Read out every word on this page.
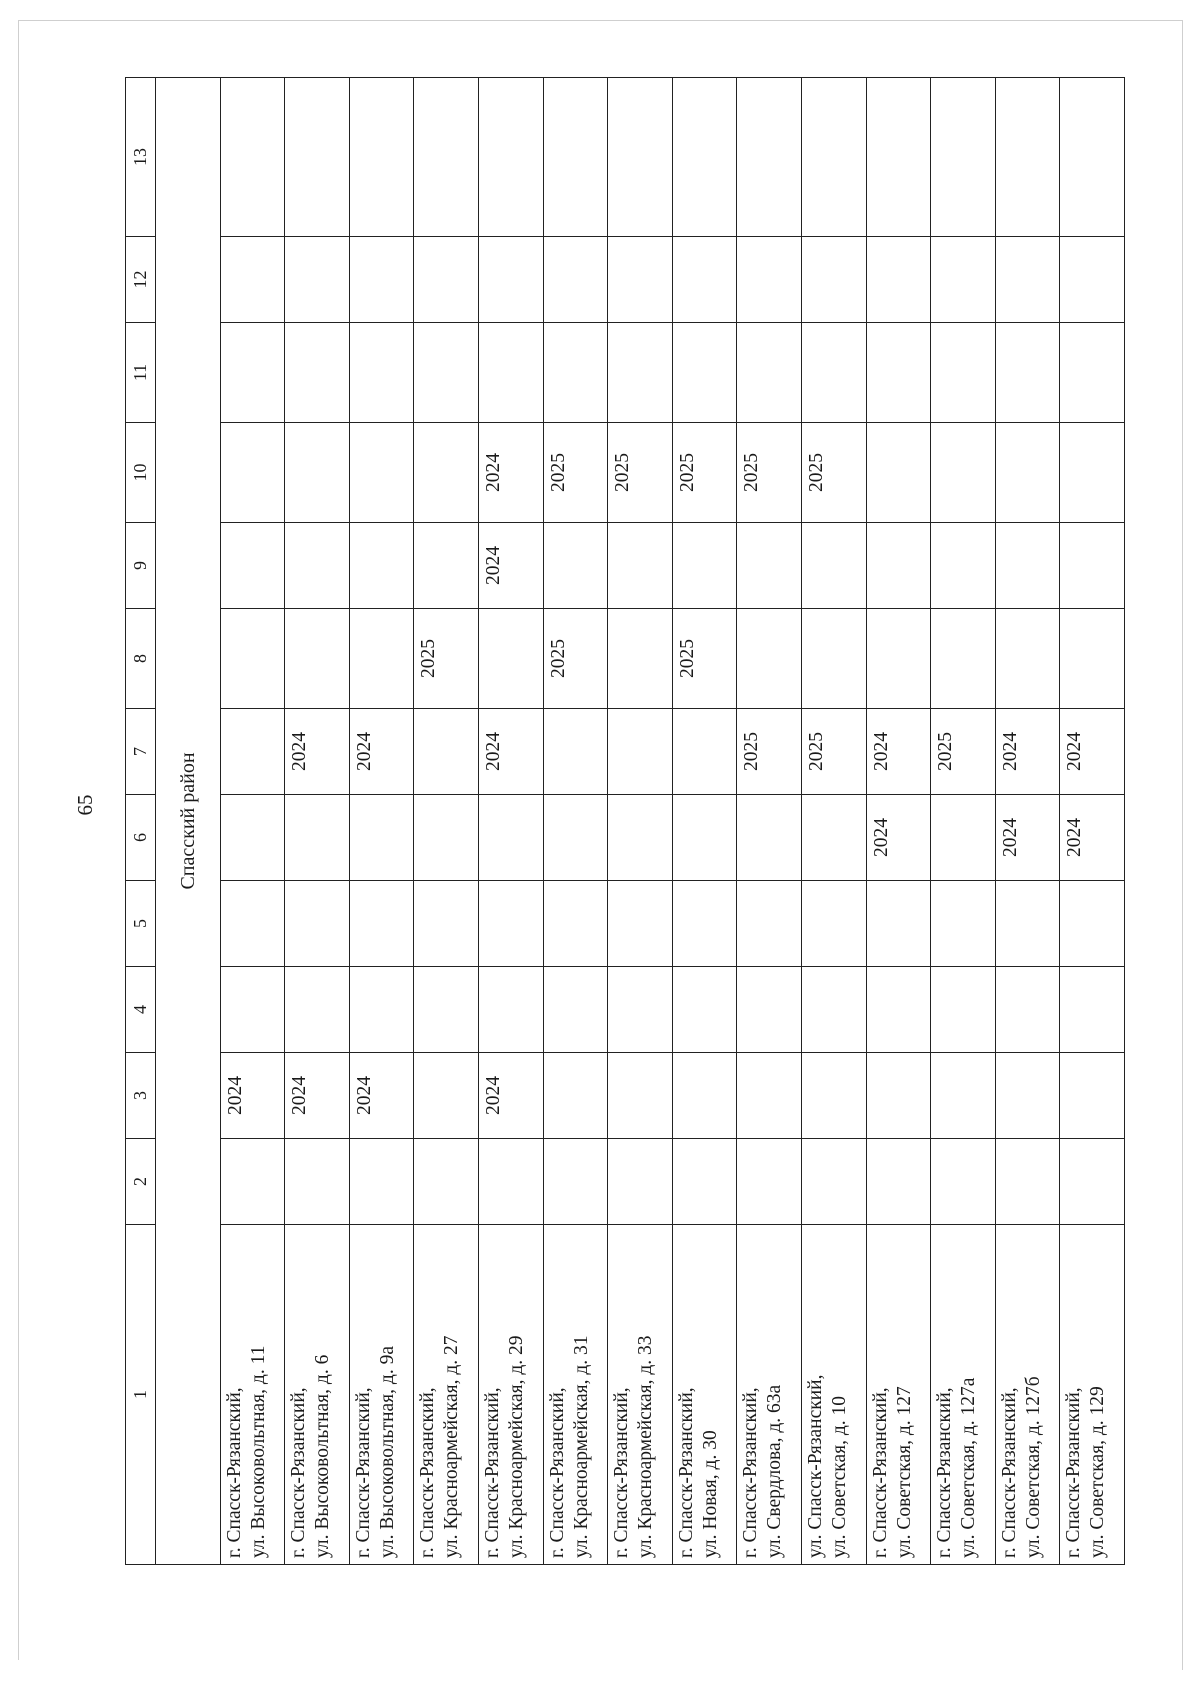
65
1	2	3	4	5	6	7	8	9	10	11	12	13
Спасский район												

г. Спасск-Рязанский, ул. Высоковольтная, д. 11		2024										

г. Спасск-Рязанский, ул. Высоковольтная, д. 6		2024				2024						

г. Спасск-Рязанский, ул. Высоковольтная, д. 9а		2024				2024						

г. Спасск-Рязанский, ул. Красноармейская, д. 27							2025					

г. Спасск-Рязанский, ул. Красноармейская, д. 29		2024				2024		2024	2024			

г. Спасск-Рязанский, ул. Красноармейская, д. 31							2025		2025			

г. Спасск-Рязанский, ул. Красноармейская, д. 33									2025			

г. Спасск-Рязанский, ул. Новая, д. 30							2025		2025			

г. Спасск-Рязанский, ул. Свердлова, д. 63а						2025			2025			

ул. Спасск-Рязанский, ул. Советская, д. 10						2025			2025			

г. Спасск-Рязанский, ул. Советская, д. 127					2024	2024						

г. Спасск-Рязанский, ул. Советская, д. 127а						2025						

г. Спасск-Рязанский, ул. Советская, д. 127б					2024	2024						

г. Спасск-Рязанский, ул. Советская, д. 129					2024	2024						
